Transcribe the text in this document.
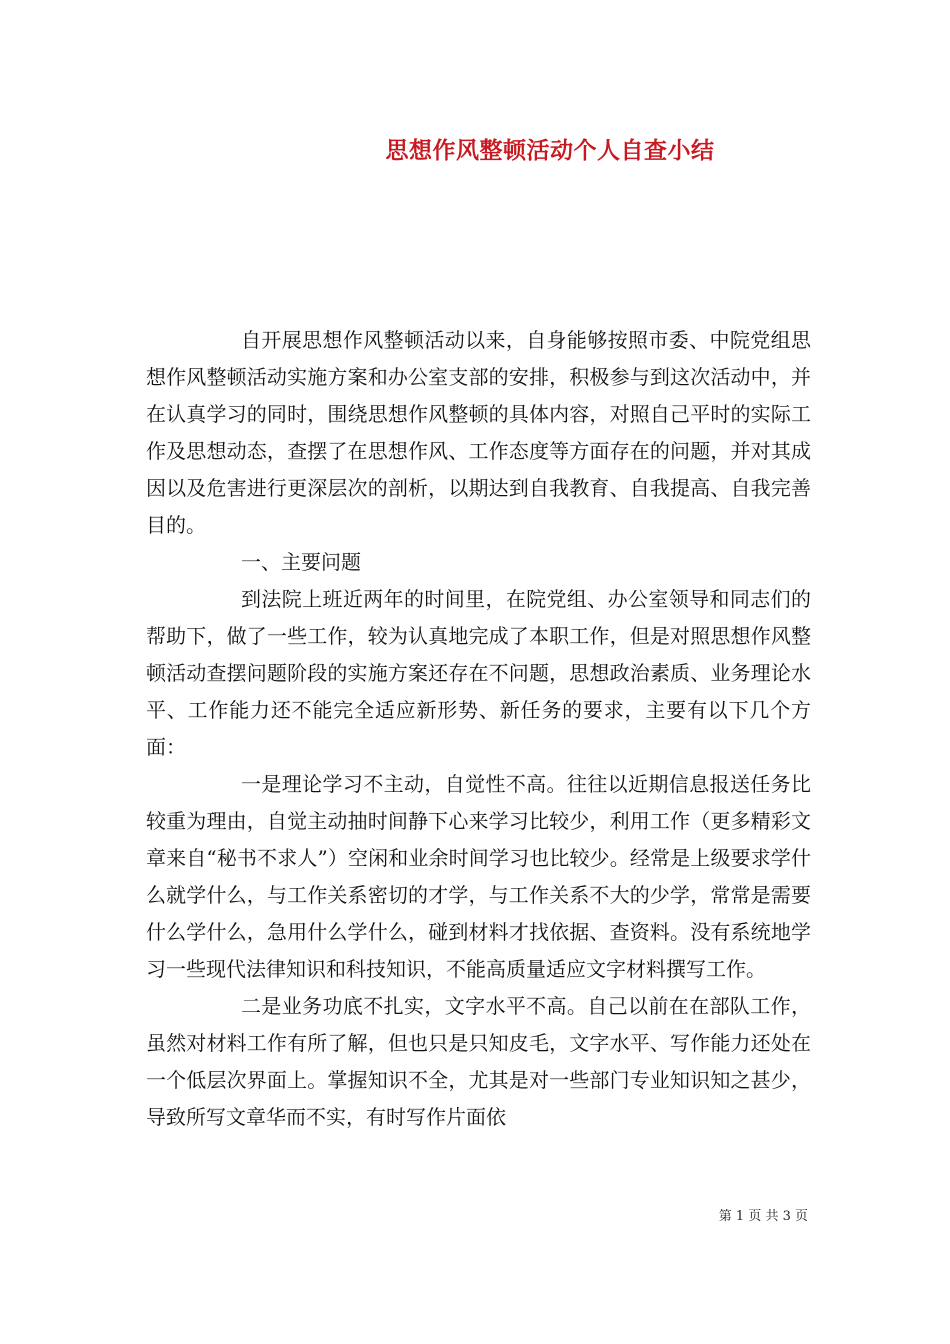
思想作风整顿活动个人自查小结

自开展思想作风整顿活动以来，自身能够按照市委、中院党组思想作风整顿活动实施方案和办公室支部的安排，积极参与到这次活动中，并在认真学习的同时，围绕思想作风整顿的具体内容，对照自己平时的实际工作及思想动态，查摆了在思想作风、工作态度等方面存在的问题，并对其成因以及危害进行更深层次的剖析，以期达到自我教育、自我提高、自我完善目的。

一、主要问题

到法院上班近两年的时间里，在院党组、办公室领导和同志们的帮助下，做了一些工作，较为认真地完成了本职工作，但是对照思想作风整顿活动查摆问题阶段的实施方案还存在不问题，思想政治素质、业务理论水平、工作能力还不能完全适应新形势、新任务的要求，主要有以下几个方面：

一是理论学习不主动，自觉性不高。往往以近期信息报送任务比较重为理由，自觉主动抽时间静下心来学习比较少，利用工作（更多精彩文章来自“秘书不求人”）空闲和业余时间学习也比较少。经常是上级要求学什么就学什么，与工作关系密切的才学，与工作关系不大的少学，常常是需要什么学什么，急用什么学什么，碰到材料才找依据、查资料。没有系统地学习一些现代法律知识和科技知识，不能高质量适应文字材料撰写工作。

二是业务功底不扎实，文字水平不高。自己以前在在部队工作，虽然对材料工作有所了解，但也只是只知皮毛，文字水平、写作能力还处在一个低层次界面上。掌握知识不全，尤其是对一些部门专业知识知之甚少，导致所写文章华而不实，有时写作片面依

第 1 页 共 3 页
